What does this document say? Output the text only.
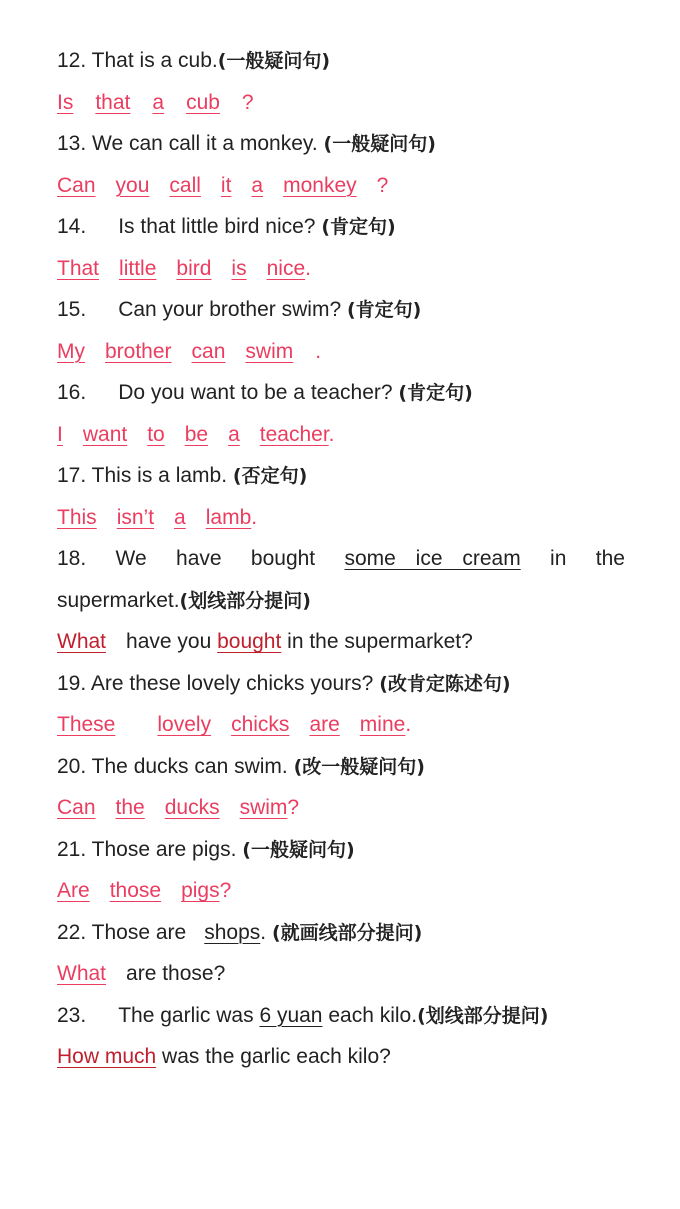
12. That is a cub.(一般疑问句)
Is that a cub ?
13. We can call it a monkey. (一般疑问句)
Can you call it a monkey ?
14. Is that little bird nice? (肯定句)
That little bird is nice.
15. Can your brother swim? (肯定句)
My brother can swim .
16. Do you want to be a teacher? (肯定句)
I want to be a teacher.
17. This is a lamb. (否定句)
This isn’t a lamb.
18. We have bought some ice cream in the
supermarket.(划线部分提问)
What have you bought in the supermarket?
19. Are these lovely chicks yours? (改肯定陈述句)
These lovely chicks are mine.
20. The ducks can swim. (改一般疑问句)
Can the ducks swim?
21. Those are pigs. (一般疑问句)
Are those pigs?
22. Those are shops. (就画线部分提问)
What are those?
23. The garlic was 6 yuan each kilo.(划线部分提问)
How much was the garlic each kilo?
